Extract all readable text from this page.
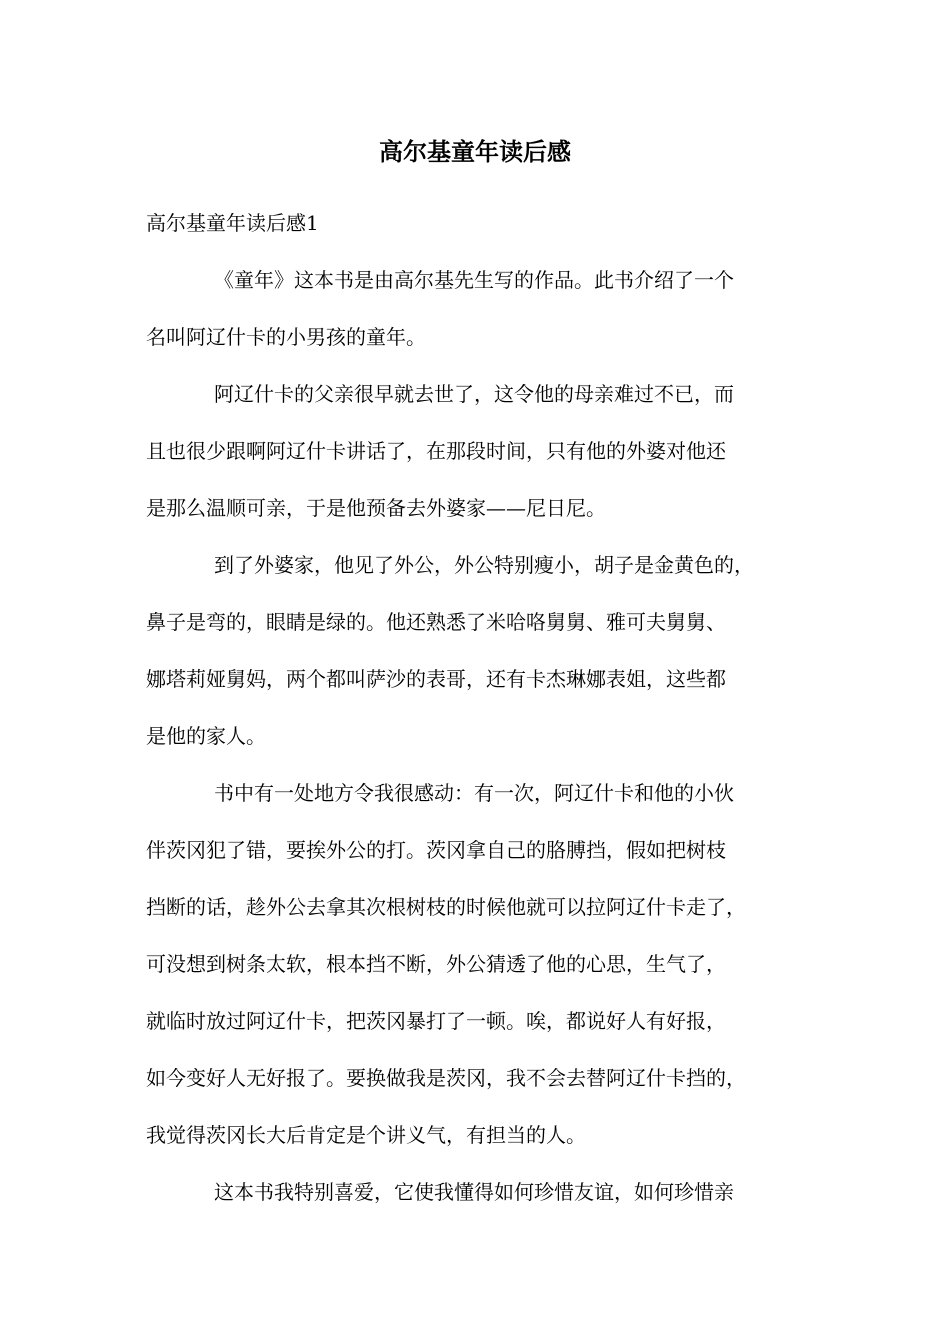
高尔基童年读后感

高尔基童年读后感1

《童年》这本书是由高尔基先生写的作品。此书介绍了一个

名叫阿辽什卡的小男孩的童年。

阿辽什卡的父亲很早就去世了，这令他的母亲难过不已，而

且也很少跟啊阿辽什卡讲话了，在那段时间，只有他的外婆对他还

是那么温顺可亲，于是他预备去外婆家——尼日尼。

到了外婆家，他见了外公，外公特别瘦小，胡子是金黄色的，

鼻子是弯的，眼睛是绿的。他还熟悉了米哈咯舅舅、雅可夫舅舅、

娜塔莉娅舅妈，两个都叫萨沙的表哥，还有卡杰琳娜表姐，这些都

是他的家人。

书中有一处地方令我很感动：有一次，阿辽什卡和他的小伙

伴茨冈犯了错，要挨外公的打。茨冈拿自己的胳膊挡，假如把树枝

挡断的话，趁外公去拿其次根树枝的时候他就可以拉阿辽什卡走了，

可没想到树条太软，根本挡不断，外公猜透了他的心思，生气了，

就临时放过阿辽什卡，把茨冈暴打了一顿。唉，都说好人有好报，

如今变好人无好报了。要换做我是茨冈，我不会去替阿辽什卡挡的，

我觉得茨冈长大后肯定是个讲义气，有担当的人。

这本书我特别喜爱，它使我懂得如何珍惜友谊，如何珍惜亲
